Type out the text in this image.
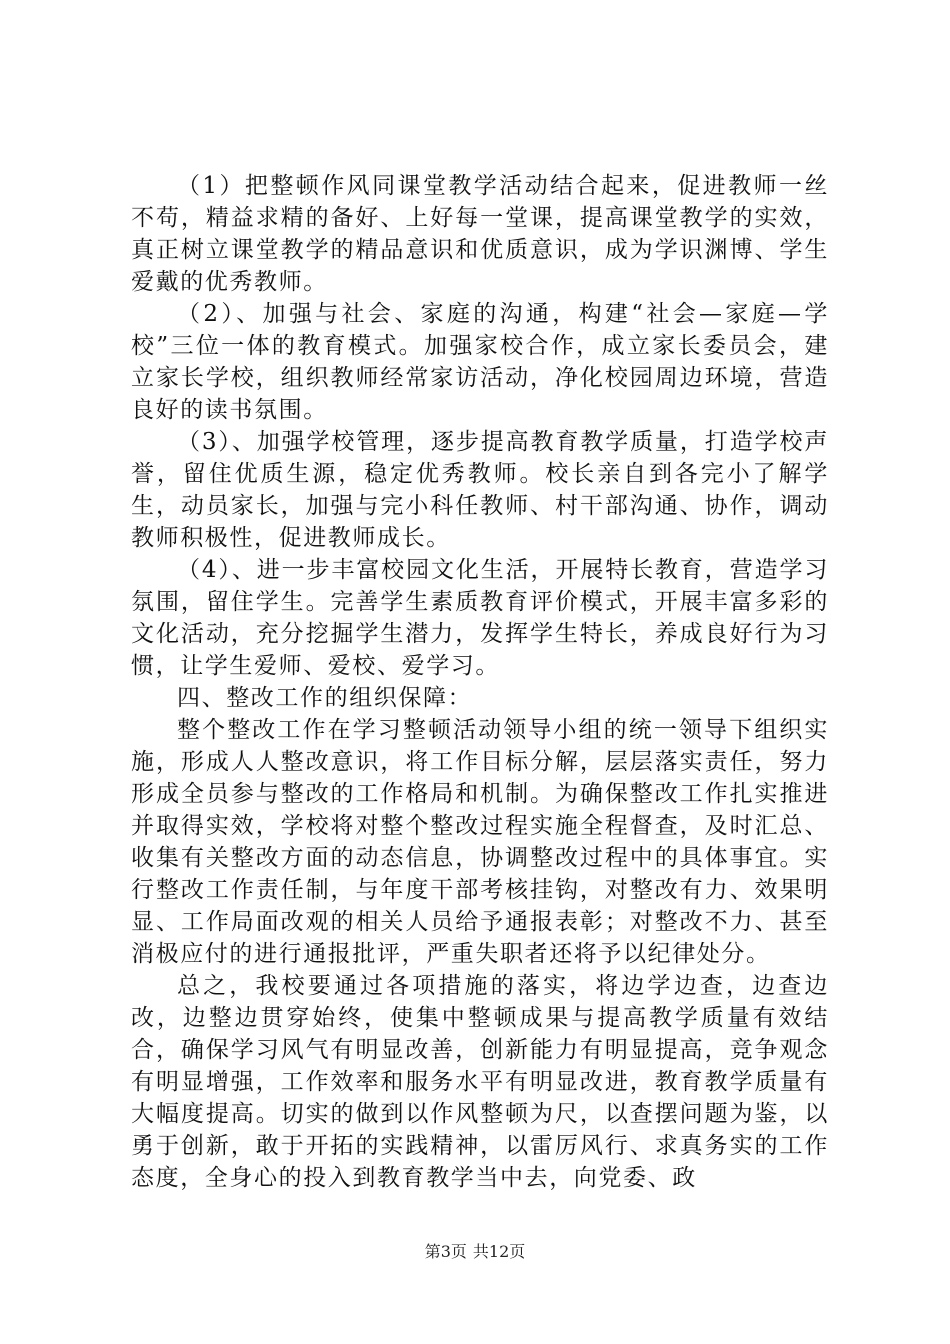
（1）把整顿作风同课堂教学活动结合起来，促进教师一丝不苟，精益求精的备好、上好每一堂课，提高课堂教学的实效，真正树立课堂教学的精品意识和优质意识，成为学识渊博、学生爱戴的优秀教师。

（2）、加强与社会、家庭的沟通，构建“社会—家庭—学校”三位一体的教育模式。加强家校合作，成立家长委员会，建立家长学校，组织教师经常家访活动，净化校园周边环境，营造良好的读书氛围。

（3）、加强学校管理，逐步提高教育教学质量，打造学校声誉，留住优质生源，稳定优秀教师。校长亲自到各完小了解学生，动员家长，加强与完小科任教师、村干部沟通、协作，调动教师积极性，促进教师成长。

（4）、进一步丰富校园文化生活，开展特长教育，营造学习氛围，留住学生。完善学生素质教育评价模式，开展丰富多彩的文化活动，充分挖掘学生潜力，发挥学生特长，养成良好行为习惯，让学生爱师、爱校、爱学习。

四、整改工作的组织保障：

整个整改工作在学习整顿活动领导小组的统一领导下组织实施，形成人人整改意识，将工作目标分解，层层落实责任，努力形成全员参与整改的工作格局和机制。为确保整改工作扎实推进并取得实效，学校将对整个整改过程实施全程督查，及时汇总、收集有关整改方面的动态信息，协调整改过程中的具体事宜。实行整改工作责任制，与年度干部考核挂钩，对整改有力、效果明显、工作局面改观的相关人员给予通报表彰；对整改不力、甚至消极应付的进行通报批评，严重失职者还将予以纪律处分。

总之，我校要通过各项措施的落实，将边学边查，边查边改，边整边贯穿始终，使集中整顿成果与提高教学质量有效结合，确保学习风气有明显改善，创新能力有明显提高，竞争观念有明显增强，工作效率和服务水平有明显改进，教育教学质量有大幅度提高。切实的做到以作风整顿为尺，以查摆问题为鉴，以勇于创新，敢于开拓的实践精神，以雷厉风行、求真务实的工作态度，全身心的投入到教育教学当中去，向党委、政

第3页 共12页
